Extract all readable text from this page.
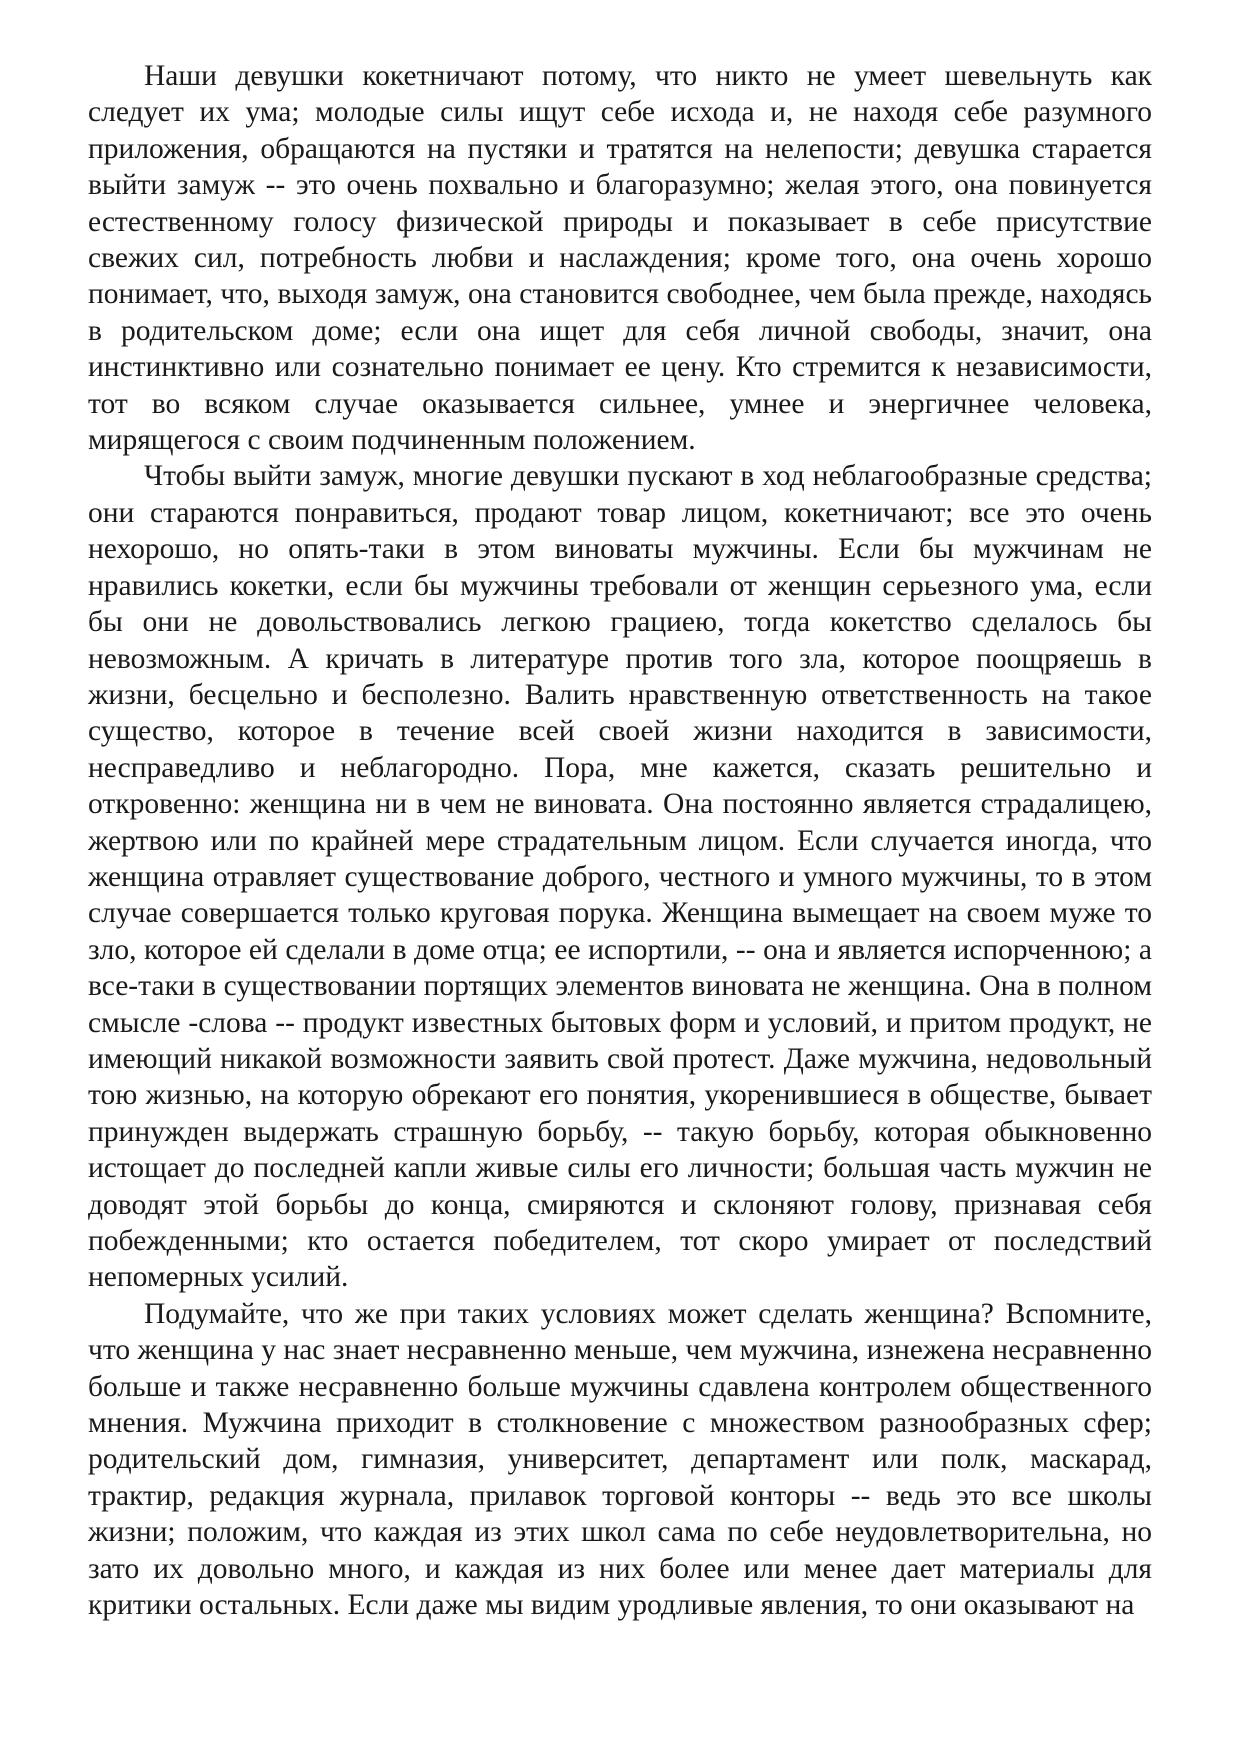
Наши девушки кокетничают потому, что никто не умеет шевельнуть как следует их ума; молодые силы ищут себе исхода и, не находя себе разумного приложения, обращаются на пустяки и тратятся на нелепости; девушка старается выйти замуж -- это очень похвально и благоразумно; желая этого, она повинуется естественному голосу физической природы и показывает в себе присутствие свежих сил, потребность любви и наслаждения; кроме того, она очень хорошо понимает, что, выходя замуж, она становится свободнее, чем была прежде, находясь в родительском доме; если она ищет для себя личной свободы, значит, она инстинктивно или сознательно понимает ее цену. Кто стремится к независимости, тот во всяком случае оказывается сильнее, умнее и энергичнее человека, мирящегося с своим подчиненным положением.

Чтобы выйти замуж, многие девушки пускают в ход неблагообразные средства; они стараются понравиться, продают товар лицом, кокетничают; все это очень нехорошо, но опять-таки в этом виноваты мужчины. Если бы мужчинам не нравились кокетки, если бы мужчины требовали от женщин серьезного ума, если бы они не довольствовались легкою грациею, тогда кокетство сделалось бы невозможным. А кричать в литературе против того зла, которое поощряешь в жизни, бесцельно и бесполезно. Валить нравственную ответственность на такое существо, которое в течение всей своей жизни находится в зависимости, несправедливо и неблагородно. Пора, мне кажется, сказать решительно и откровенно: женщина ни в чем не виновата. Она постоянно является страдалицею, жертвою или по крайней мере страдательным лицом. Если случается иногда, что женщина отравляет существование доброго, честного и умного мужчины, то в этом случае совершается только круговая порука. Женщина вымещает на своем муже то зло, которое ей сделали в доме отца; ее испортили, -- она и является испорченною; а все-таки в существовании портящих элементов виновата не женщина. Она в полном смысле -слова -- продукт известных бытовых форм и условий, и притом продукт, не имеющий никакой возможности заявить свой протест. Даже мужчина, недовольный тою жизнью, на которую обрекают его понятия, укоренившиеся в обществе, бывает принужден выдержать страшную борьбу, -- такую борьбу, которая обыкновенно истощает до последней капли живые силы его личности; большая часть мужчин не доводят этой борьбы до конца, смиряются и склоняют голову, признавая себя побежденными; кто остается победителем, тот скоро умирает от последствий непомерных усилий.

Подумайте, что же при таких условиях может сделать женщина? Вспомните, что женщина у нас знает несравненно меньше, чем мужчина, изнежена несравненно больше и также несравненно больше мужчины сдавлена контролем общественного мнения. Мужчина приходит в столкновение с множеством разнообразных сфер; родительский дом, гимназия, университет, департамент или полк, маскарад, трактир, редакция журнала, прилавок торговой конторы -- ведь это все школы жизни; положим, что каждая из этих школ сама по себе неудовлетворительна, но зато их довольно много, и каждая из них более или менее дает материалы для критики остальных. Если даже мы видим уродливые явления, то они оказывают на
